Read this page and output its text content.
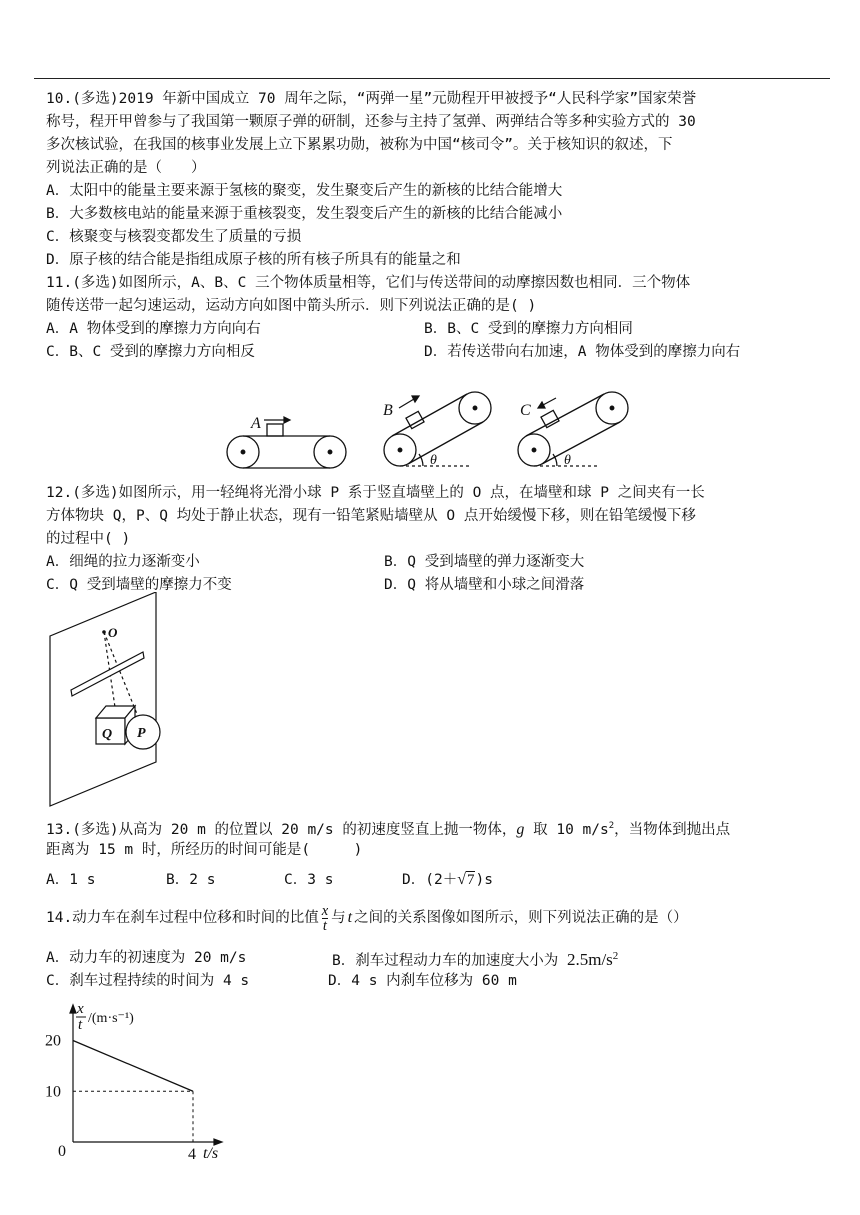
10.(多选)2019 年新中国成立 70 周年之际，“两弹一星”元勋程开甲被授予“人民科学家”国家荣誉
称号，程开甲曾参与了我国第一颗原子弹的研制，还参与主持了氢弹、两弹结合等多种实验方式的 30
多次核试验，在我国的核事业发展上立下累累功勋，被称为中国“核司令”。关于核知识的叙述，下
列说法正确的是（　　）
A．太阳中的能量主要来源于氢核的聚变，发生聚变后产生的新核的比结合能增大
B．大多数核电站的能量来源于重核裂变，发生裂变后产生的新核的比结合能减小
C．核聚变与核裂变都发生了质量的亏损
D．原子核的结合能是指组成原子核的所有核子所具有的能量之和
11.(多选)如图所示，A、B、C 三个物体质量相等，它们与传送带间的动摩擦因数也相同．三个物体
随传送带一起匀速运动，运动方向如图中箭头所示．则下列说法正确的是( )
A．A 物体受到的摩擦力方向向右	B．B、C 受到的摩擦力方向相同
C．B、C 受到的摩擦力方向相反	D．若传送带向右加速，A 物体受到的摩擦力向右
A
B
θ
C
θ
12.(多选)如图所示，用一轻绳将光滑小球 P 系于竖直墙壁上的 O 点，在墙壁和球 P 之间夹有一长
方体物块 Q，P、Q 均处于静止状态，现有一铅笔紧贴墙壁从 O 点开始缓慢下移，则在铅笔缓慢下移
的过程中( )
A．细绳的拉力逐渐变小	B．Q 受到墙壁的弹力逐渐变大
C．Q 受到墙壁的摩擦力不变	D．Q 将从墙壁和小球之间滑落
O
Q P
13.(多选)从高为 20 m 的位置以 20 m/s 的初速度竖直上抛一物体，g 取 10 $m/s^2$，当物体到抛出点
距离为 15 m 时，所经历的时间可能是(　　　)
A．1 s	B．2 s	C．3 s	D．(2＋√7)s
14.动力车在刹车过程中位移和时间的比值 $\frac{x}{t}$ 与 t 之间的关系图像如图所示，则下列说法正确的是（）
A．动力车的初速度为 20 m/s	B．刹车过程动力车的加速度大小为 $2.5m/s^2$
C．刹车过程持续的时间为 4 s	D．4 s 内刹车位移为 60 m
x
t /(m·s⁻¹)
t/s
0
20
10
4
